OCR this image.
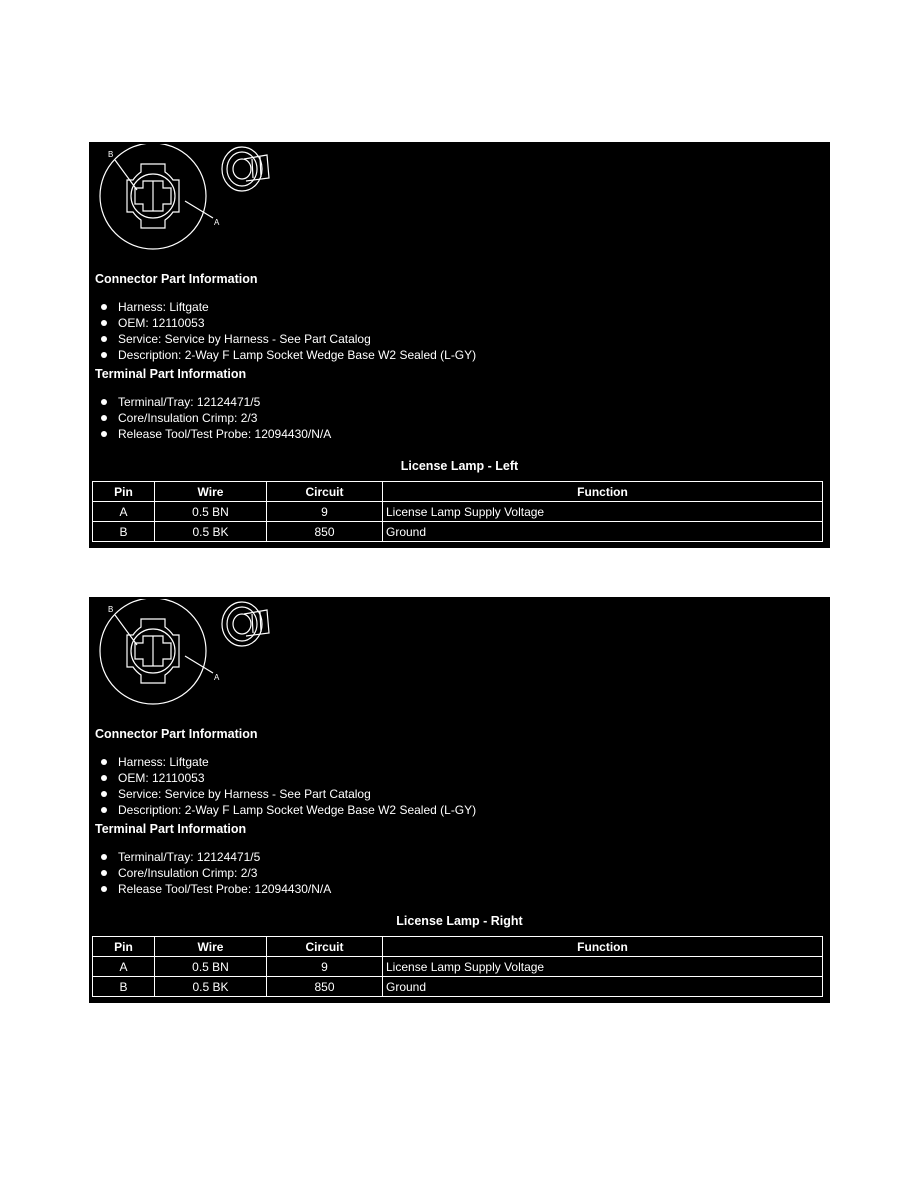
B
A
Connector Part Information
Harness: Liftgate
OEM: 12110053
Service: Service by Harness - See Part Catalog
Description: 2-Way F Lamp Socket Wedge Base W2 Sealed (L-GY)
Terminal Part Information
Terminal/Tray: 12124471/5
Core/Insulation Crimp: 2/3
Release Tool/Test Probe: 12094430/N/A
License Lamp - Left
Pin	Wire	Circuit	Function
A	0.5 BN	9	License Lamp Supply Voltage
B	0.5 BK	850	Ground
B
A
Connector Part Information
Harness: Liftgate
OEM: 12110053
Service: Service by Harness - See Part Catalog
Description: 2-Way F Lamp Socket Wedge Base W2 Sealed (L-GY)
Terminal Part Information
Terminal/Tray: 12124471/5
Core/Insulation Crimp: 2/3
Release Tool/Test Probe: 12094430/N/A
License Lamp - Right
Pin	Wire	Circuit	Function
A	0.5 BN	9	License Lamp Supply Voltage
B	0.5 BK	850	Ground
